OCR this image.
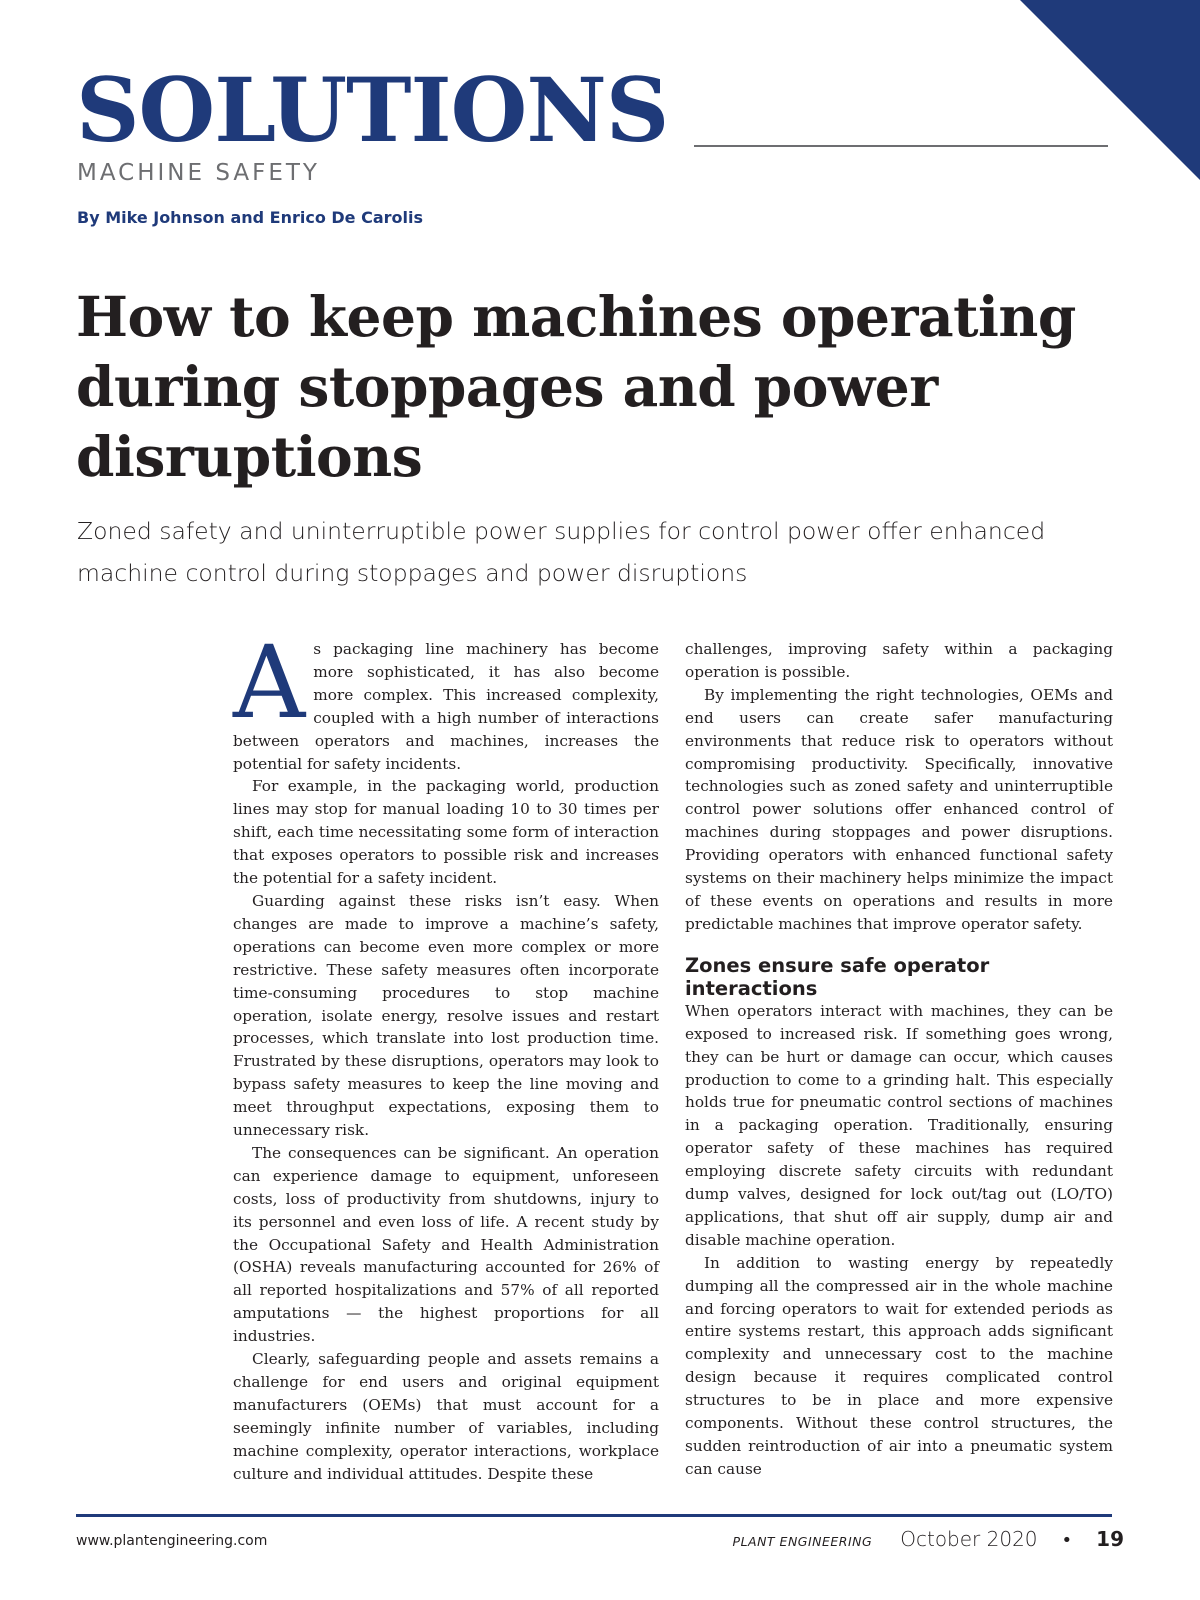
SOLUTIONS
MACHINE SAFETY
By Mike Johnson and Enrico De Carolis
How to keep machines operating during stoppages and power disruptions

Zoned safety and uninterruptible power supplies for control power offer enhanced machine control during stoppages and power disruptions

As packaging line machinery has become more sophisticated, it has also become more complex. This increased complexity, coupled with a high number of interactions between operators and machines, increases the potential for safety incidents.

For example, in the packaging world, production lines may stop for manual loading 10 to 30 times per shift, each time necessitating some form of interaction that exposes operators to possible risk and increases the potential for a safety incident.

Guarding against these risks isn’t easy. When changes are made to improve a machine’s safety, operations can become even more complex or more restrictive. These safety measures often incorporate time-consuming procedures to stop machine operation, isolate energy, resolve issues and restart processes, which translate into lost production time. Frustrated by these disruptions, operators may look to bypass safety measures to keep the line moving and meet throughput expectations, exposing them to unnecessary risk.

The consequences can be significant. An operation can experience damage to equipment, unforeseen costs, loss of productivity from shutdowns, injury to its personnel and even loss of life. A recent study by the Occupational Safety and Health Administration (OSHA) reveals manufacturing accounted for 26% of all reported hospitalizations and 57% of all reported amputations — the highest proportions for all industries.

Clearly, safeguarding people and assets remains a challenge for end users and original equipment manufacturers (OEMs) that must account for a seemingly infinite number of variables, including machine complexity, operator interactions, workplace culture and individual attitudes. Despite these

challenges, improving safety within a packaging operation is possible.

By implementing the right technologies, OEMs and end users can create safer manufacturing environments that reduce risk to operators without compromising productivity. Specifically, innovative technologies such as zoned safety and uninterruptible control power solutions offer enhanced control of machines during stoppages and power disruptions. Providing operators with enhanced functional safety systems on their machinery helps minimize the impact of these events on operations and results in more predictable machines that improve operator safety.

Zones ensure safe operator interactions

When operators interact with machines, they can be exposed to increased risk. If something goes wrong, they can be hurt or damage can occur, which causes production to come to a grinding halt. This especially holds true for pneumatic control sections of machines in a packaging operation. Traditionally, ensuring operator safety of these machines has required employing discrete safety circuits with redundant dump valves, designed for lock out/tag out (LO/TO) applications, that shut off air supply, dump air and disable machine operation.

In addition to wasting energy by repeatedly dumping all the compressed air in the whole machine and forcing operators to wait for extended periods as entire systems restart, this approach adds significant complexity and unnecessary cost to the machine design because it requires complicated control structures to be in place and more expensive components. Without these control structures, the sudden reintroduction of air into a pneumatic system can cause

www.plantengineering.com	PLANT ENGINEERING October 2020 • 19
